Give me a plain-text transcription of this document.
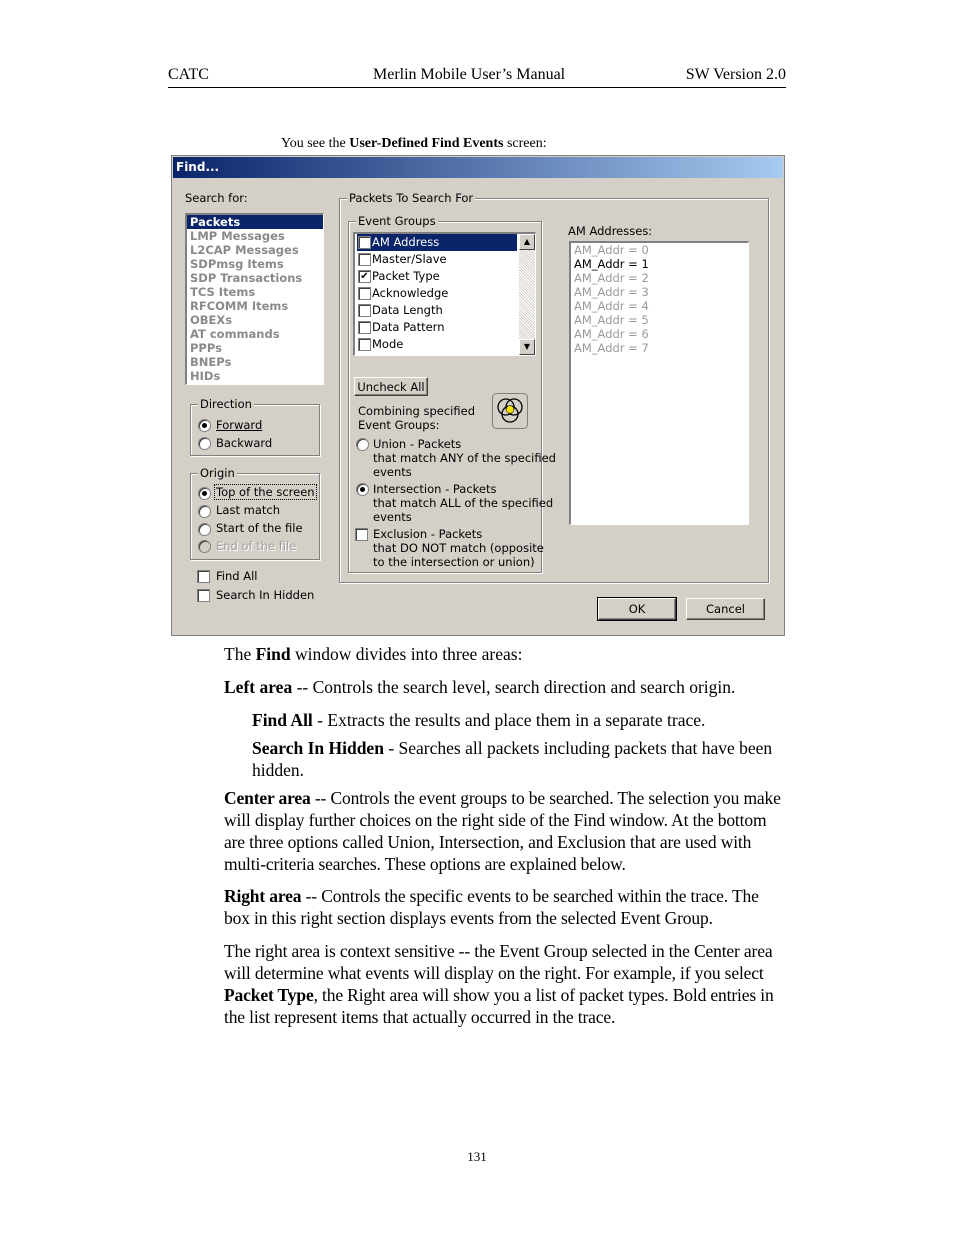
CATC	Merlin Mobile User’s Manual	SW Version 2.0
You see the User-Defined Find Events screen:
Find...
Search for:
Packets
LMP Messages
L2CAP Messages
SDPmsg Items
SDP Transactions
TCS Items
RFCOMM Items
OBEXs
AT commands
PPPs
BNEPs
HIDs
Direction
Forward
Backward
Origin
Top of the screen
Last match
Start of the file
End of the file
Find All
Search In Hidden
Packets To Search For
Event Groups
AM Address
Master/Slave
✔ Packet Type
Acknowledge
Data Length
Data Pattern
Mode
▲
▼
Uncheck All
Combining specified
Event Groups:
Union - Packets
that match ANY of the specified
events
Intersection - Packets
that match ALL of the specified
events
Exclusion - Packets
that DO NOT match (opposite
to the intersection or union)
AM Addresses:
AM_Addr = 0
AM_Addr = 1
AM_Addr = 2
AM_Addr = 3
AM_Addr = 4
AM_Addr = 5
AM_Addr = 6
AM_Addr = 7
OK	Cancel
The Find window divides into three areas:
Left area -- Controls the search level, search direction and search origin.
Find All - Extracts the results and place them in a separate trace.
Search In Hidden - Searches all packets including packets that have been hidden.
Center area -- Controls the event groups to be searched. The selection you make will display further choices on the right side of the Find window. At the bottom are three options called Union, Intersection, and Exclusion that are used with multi-criteria searches. These options are explained below.
Right area -- Controls the specific events to be searched within the trace. The box in this right section displays events from the selected Event Group.
The right area is context sensitive -- the Event Group selected in the Center area will determine what events will display on the right. For example, if you select Packet Type, the Right area will show you a list of packet types. Bold entries in the list represent items that actually occurred in the trace.
131
